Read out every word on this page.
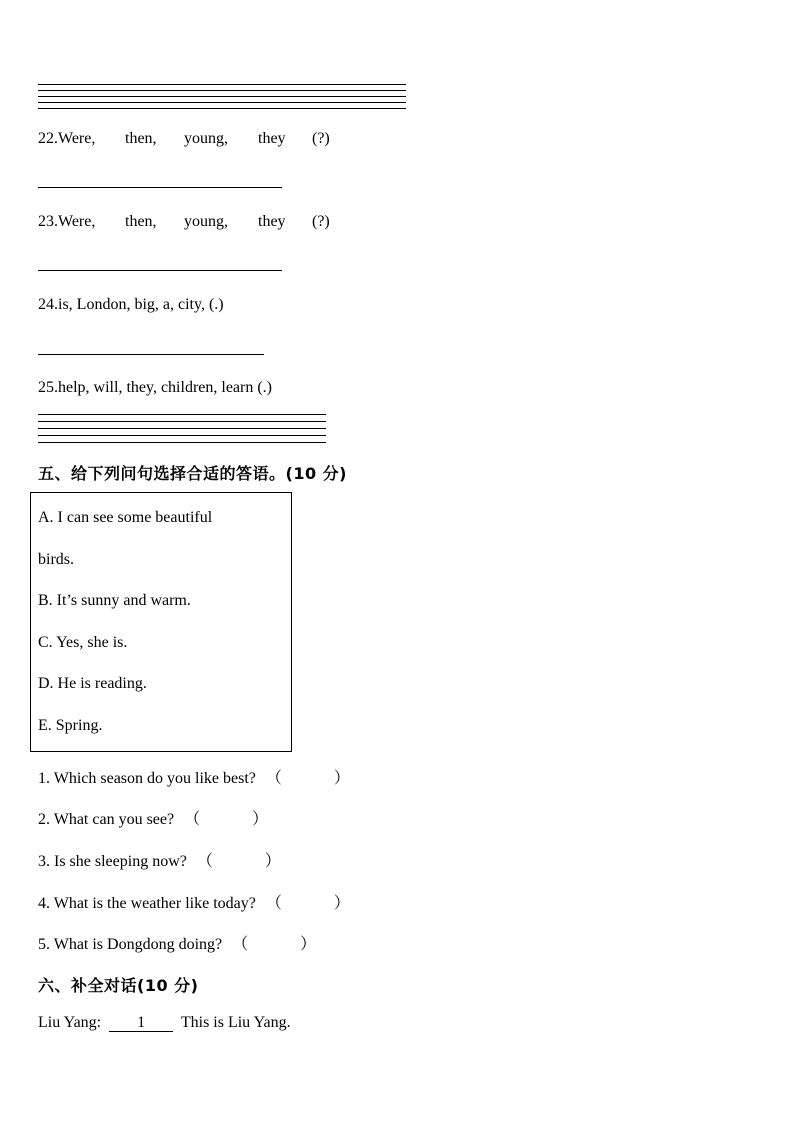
22.Were, then, young, they (?)
23.Were, then, young, they (?)
24.is, London, big, a, city, (.)
25.help, will, they, children, learn (.)
五、给下列问句选择合适的答语。(10 分)
A. I can see some beautiful
birds.
B. It’s sunny and warm.
C. Yes, she is.
D. He is reading.
E. Spring.
1. Which season do you like best? （	）
2. What can you see? （	）
3. Is she sleeping now? （	）
4. What is the weather like today? （	）
5. What is Dongdong doing? （	）
六、补全对话(10 分)
Liu Yang: 1 This is Liu Yang.
